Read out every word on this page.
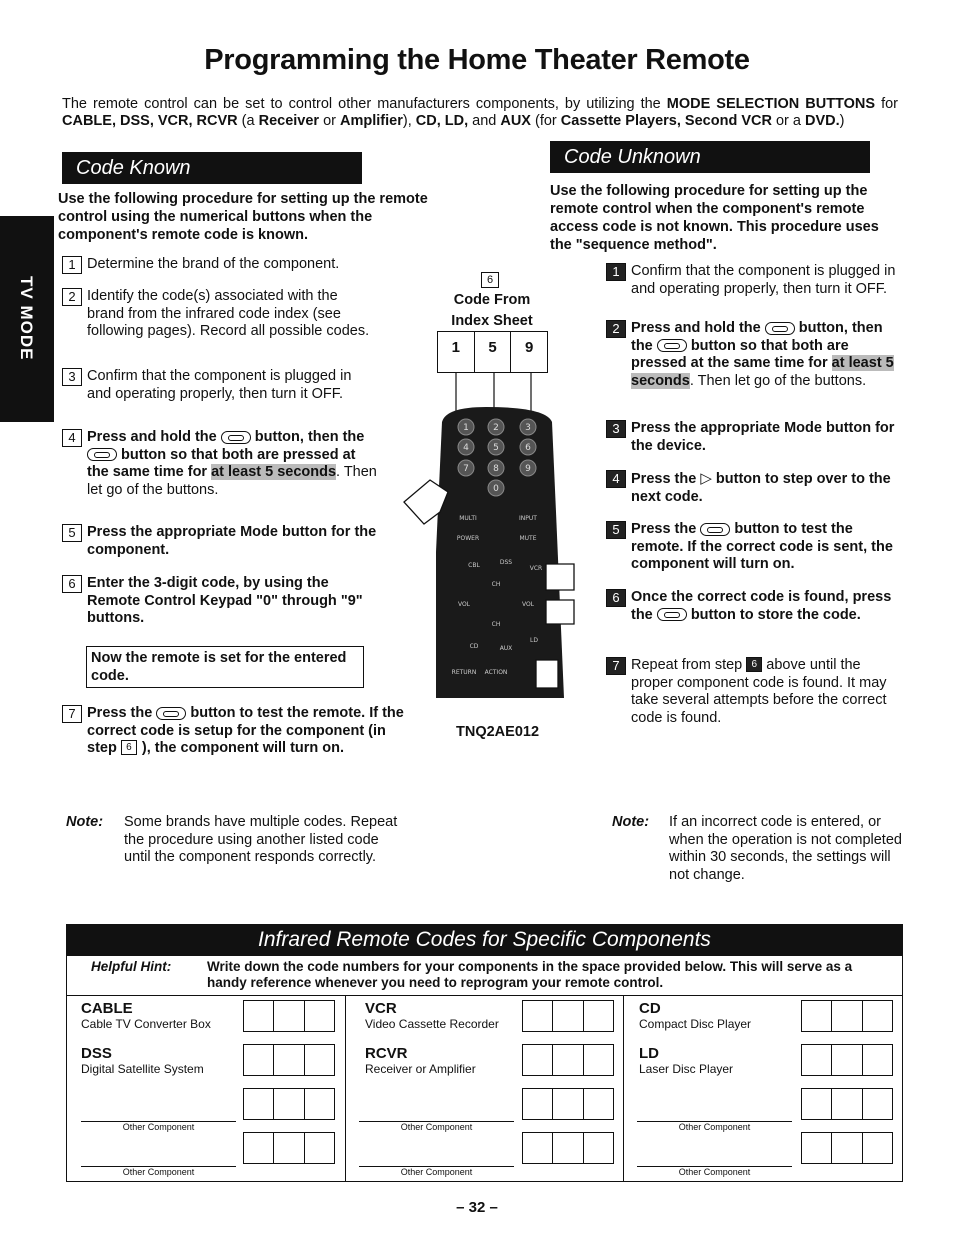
Programming the Home Theater Remote
The remote control can be set to control other manufacturers components, by utilizing the MODE SELECTION BUTTONS for CABLE, DSS, VCR, RCVR (a Receiver or Amplifier), CD, LD, and AUX (for Cassette Players, Second VCR or a DVD.)
TV MODE
Code Known
Use the following procedure for setting up the remote control using the numerical buttons when the component's remote code is known.
1 Determine the brand of the component.
2 Identify the code(s) associated with the brand from the infrared code index (see following pages). Record all possible codes.
3 Confirm that the component is plugged in and operating properly, then turn it OFF.
4 Press and hold the	button, then the  button so that both are pressed at the same time for at least 5 seconds. Then let go of the buttons.
5 Press the appropriate Mode button for the component.
6 Enter the 3-digit code, by using the Remote Control Keypad "0" through "9" buttons.
Now the remote is set for the entered code.
7 Press the	button to test the remote. If the correct code is setup for the component (in step 6 ), the component will turn on.
Note: Some brands have multiple codes. Repeat the procedure using another listed code until the component responds correctly.
6
Code From
Index Sheet
1	5	9
1	2	3
4	5	6
7	8	9
0
MULTI	INPUT
POWER	MUTE
CBL	DSS
VCR
CH
VOL	VOL
CH
CD	AUX
LD
RETURN ACTION
TNQ2AE012
Code Unknown
Use the following procedure for setting up the remote control when the component's remote access code is not known. This procedure uses the "sequence method".
1 Confirm that the component is plugged in and operating properly, then turn it OFF.
2 Press and hold the	button, then the	button so that both are pressed at the same time for at least 5 seconds. Then let go of the buttons.
3 Press the appropriate Mode button for the device.
4 Press the ▷ button to step over to the next code.
5 Press the	button to test the remote. If the correct code is sent, the component will turn on.
6 Once the correct code is found, press the	button to store the code.
7 Repeat from step 6 above until the proper component code is found. It may take several attempts before the correct code is found.
Note: If an incorrect code is entered, or when the operation is not completed within 30 seconds, the settings will not change.
Infrared Remote Codes for Specific Components
Helpful Hint:	Write down the code numbers for your components in the space provided below. This will serve as a handy reference whenever you need to reprogram your remote control.
CABLE
Cable TV Converter Box
DSS
Digital Satellite System
Other Component
Other Component
VCR
Video Cassette Recorder
RCVR
Receiver or Amplifier
Other Component
Other Component
CD
Compact Disc Player
LD
Laser Disc Player
Other Component
Other Component
– 32 –
